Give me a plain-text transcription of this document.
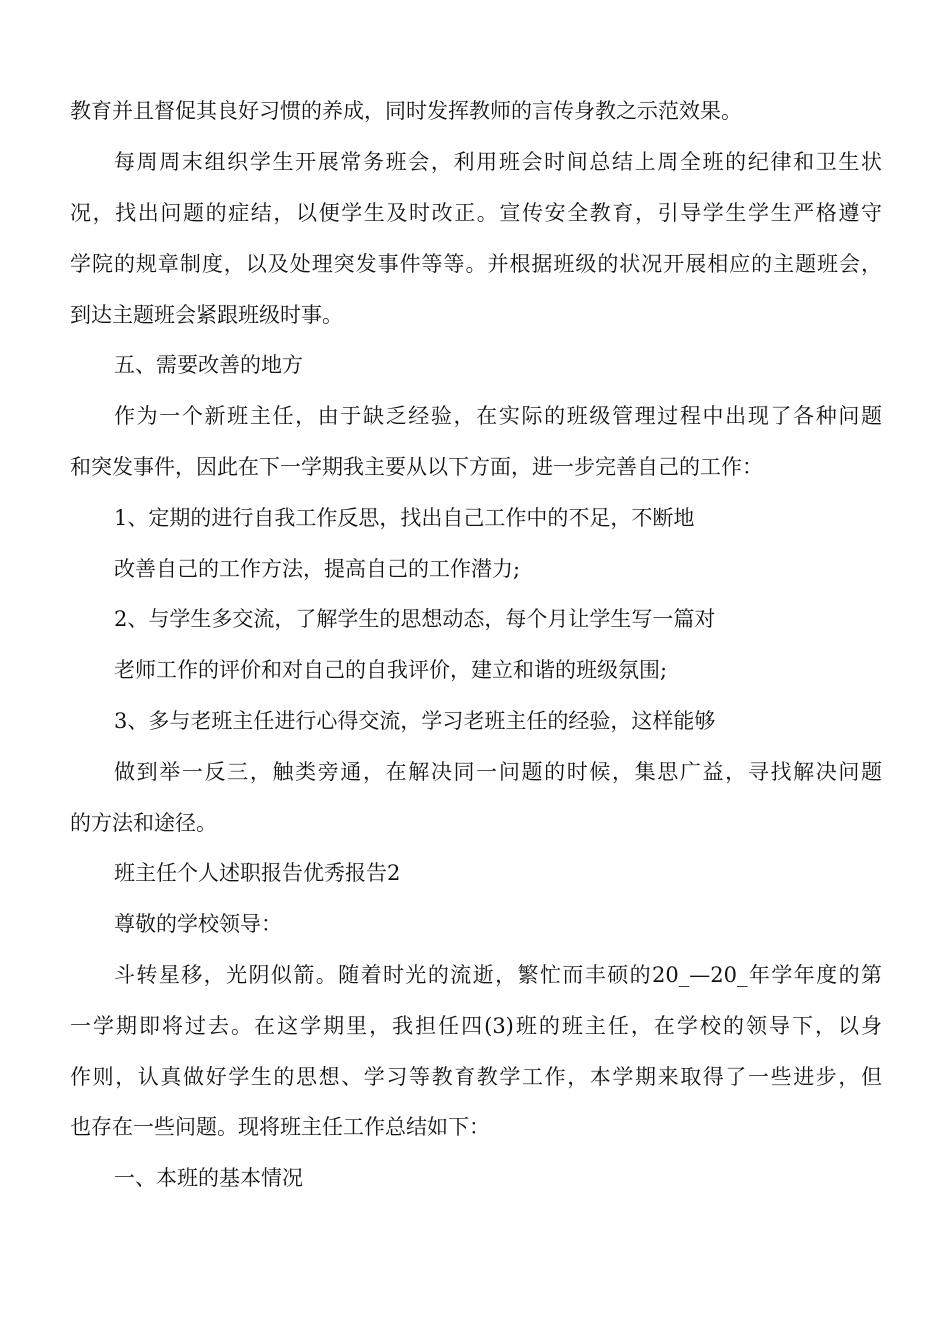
教育并且督促其良好习惯的养成，同时发挥教师的言传身教之示范效果。
每周周末组织学生开展常务班会，利用班会时间总结上周全班的纪律和卫生状
况，找出问题的症结，以便学生及时改正。宣传安全教育，引导学生学生严格遵守
学院的规章制度，以及处理突发事件等等。并根据班级的状况开展相应的主题班会，
到达主题班会紧跟班级时事。
五、需要改善的地方
作为一个新班主任，由于缺乏经验，在实际的班级管理过程中出现了各种问题
和突发事件，因此在下一学期我主要从以下方面，进一步完善自己的工作：
1、定期的进行自我工作反思，找出自己工作中的不足，不断地
改善自己的工作方法，提高自己的工作潜力;
2、与学生多交流，了解学生的思想动态，每个月让学生写一篇对
老师工作的评价和对自己的自我评价，建立和谐的班级氛围;
3、多与老班主任进行心得交流，学习老班主任的经验，这样能够
做到举一反三，触类旁通，在解决同一问题的时候，集思广益，寻找解决问题
的方法和途径。
班主任个人述职报告优秀报告2
尊敬的学校领导：
斗转星移，光阴似箭。随着时光的流逝，繁忙而丰硕的20_—20_年学年度的第
一学期即将过去。在这学期里，我担任四(3)班的班主任，在学校的领导下，以身
作则，认真做好学生的思想、学习等教育教学工作，本学期来取得了一些进步，但
也存在一些问题。现将班主任工作总结如下：
一、本班的基本情况
